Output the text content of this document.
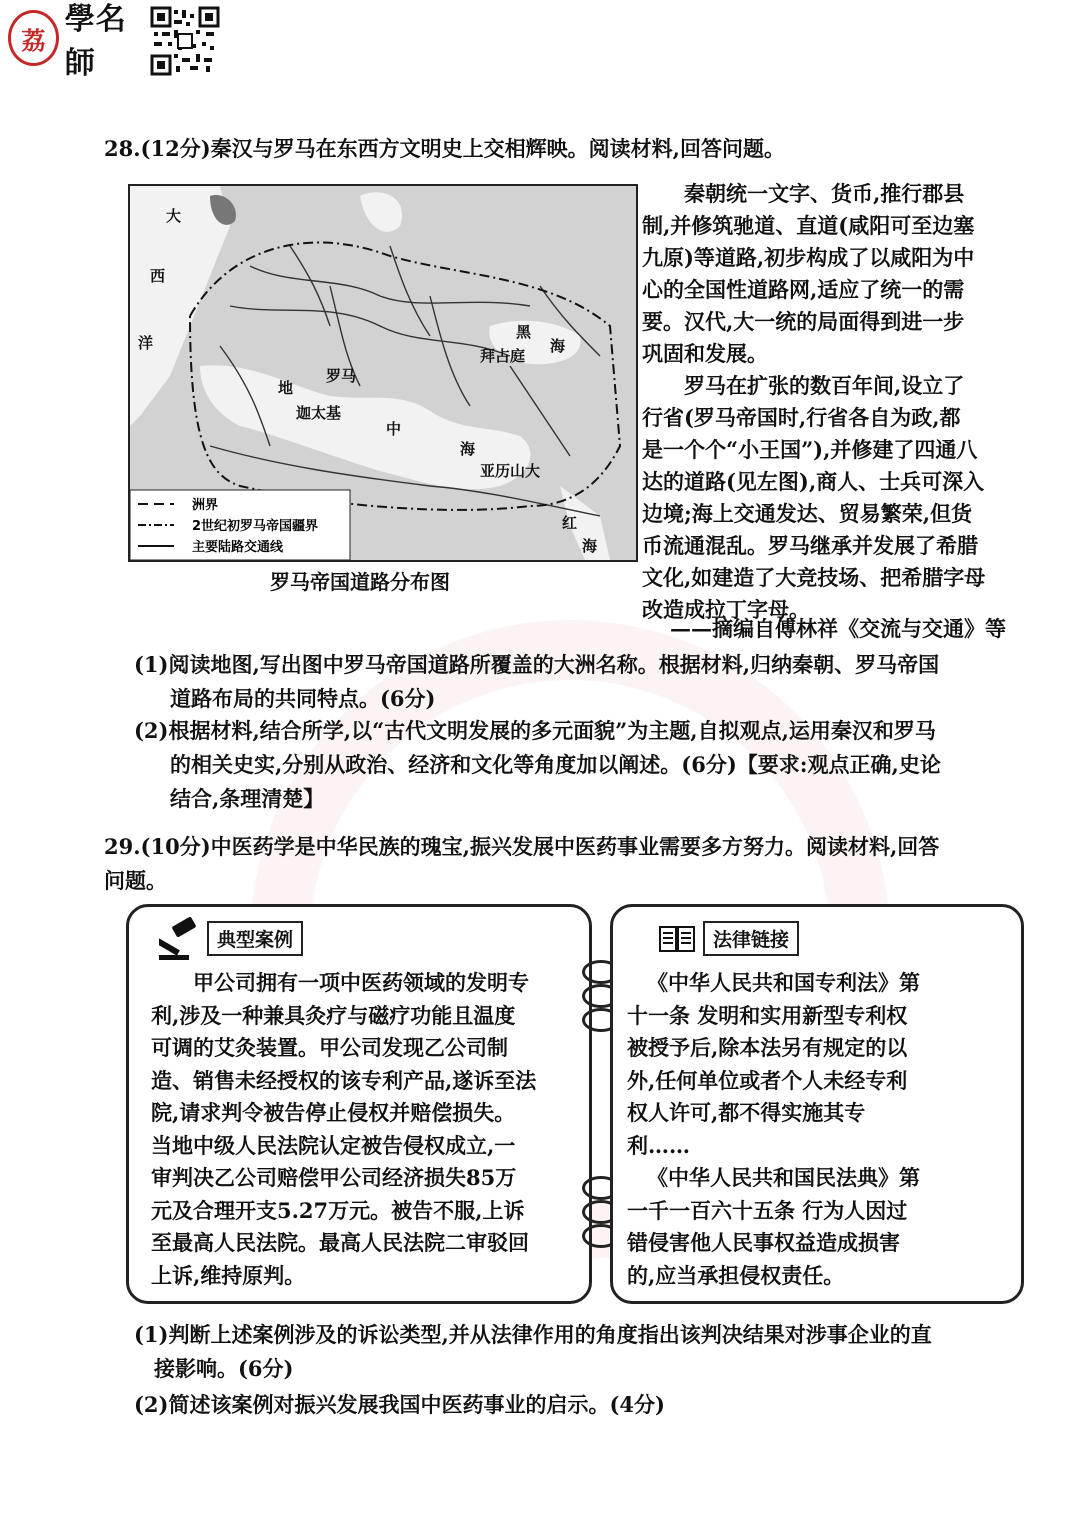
荔
學名師
28.(12分)秦汉与罗马在东西方文明史上交相辉映。阅读材料,回答问题。
洲界
2世纪初罗马帝国疆界
主要陆路交通线
大
西
洋
黑
海
拜占庭
地
罗马
迦太基
中
海
亚历山大
红
海
罗马帝国道路分布图
秦朝统一文字、货币,推行郡县
制,并修筑驰道、直道(咸阳可至边塞
九原)等道路,初步构成了以咸阳为中
心的全国性道路网,适应了统一的需
要。汉代,大一统的局面得到进一步
巩固和发展。
罗马在扩张的数百年间,设立了
行省(罗马帝国时,行省各自为政,都
是一个个“小王国”),并修建了四通八
达的道路(见左图),商人、士兵可深入
边境;海上交通发达、贸易繁荣,但货
币流通混乱。罗马继承并发展了希腊
文化,如建造了大竞技场、把希腊字母
改造成拉丁字母。
——摘编自傅林祥《交流与交通》等
(1)阅读地图,写出图中罗马帝国道路所覆盖的大洲名称。根据材料,归纳秦朝、罗马帝国
道路布局的共同特点。(6分)
(2)根据材料,结合所学,以“古代文明发展的多元面貌”为主题,自拟观点,运用秦汉和罗马
的相关史实,分别从政治、经济和文化等角度加以阐述。(6分)【要求:观点正确,史论
结合,条理清楚】
29.(10分)中医药学是中华民族的瑰宝,振兴发展中医药事业需要多方努力。阅读材料,回答
问题。
典型案例
甲公司拥有一项中医药领域的发明专
利,涉及一种兼具灸疗与磁疗功能且温度
可调的艾灸装置。甲公司发现乙公司制
造、销售未经授权的该专利产品,遂诉至法
院,请求判令被告停止侵权并赔偿损失。
当地中级人民法院认定被告侵权成立,一
审判决乙公司赔偿甲公司经济损失85万
元及合理开支5.27万元。被告不服,上诉
至最高人民法院。最高人民法院二审驳回
上诉,维持原判。
法律链接
《中华人民共和国专利法》第
十一条 发明和实用新型专利权
被授予后,除本法另有规定的以
外,任何单位或者个人未经专利
权人许可,都不得实施其专
利……
《中华人民共和国民法典》第
一千一百六十五条 行为人因过
错侵害他人民事权益造成损害
的,应当承担侵权责任。
(1)判断上述案例涉及的诉讼类型,并从法律作用的角度指出该判决结果对涉事企业的直
接影响。(6分)
(2)简述该案例对振兴发展我国中医药事业的启示。(4分)
